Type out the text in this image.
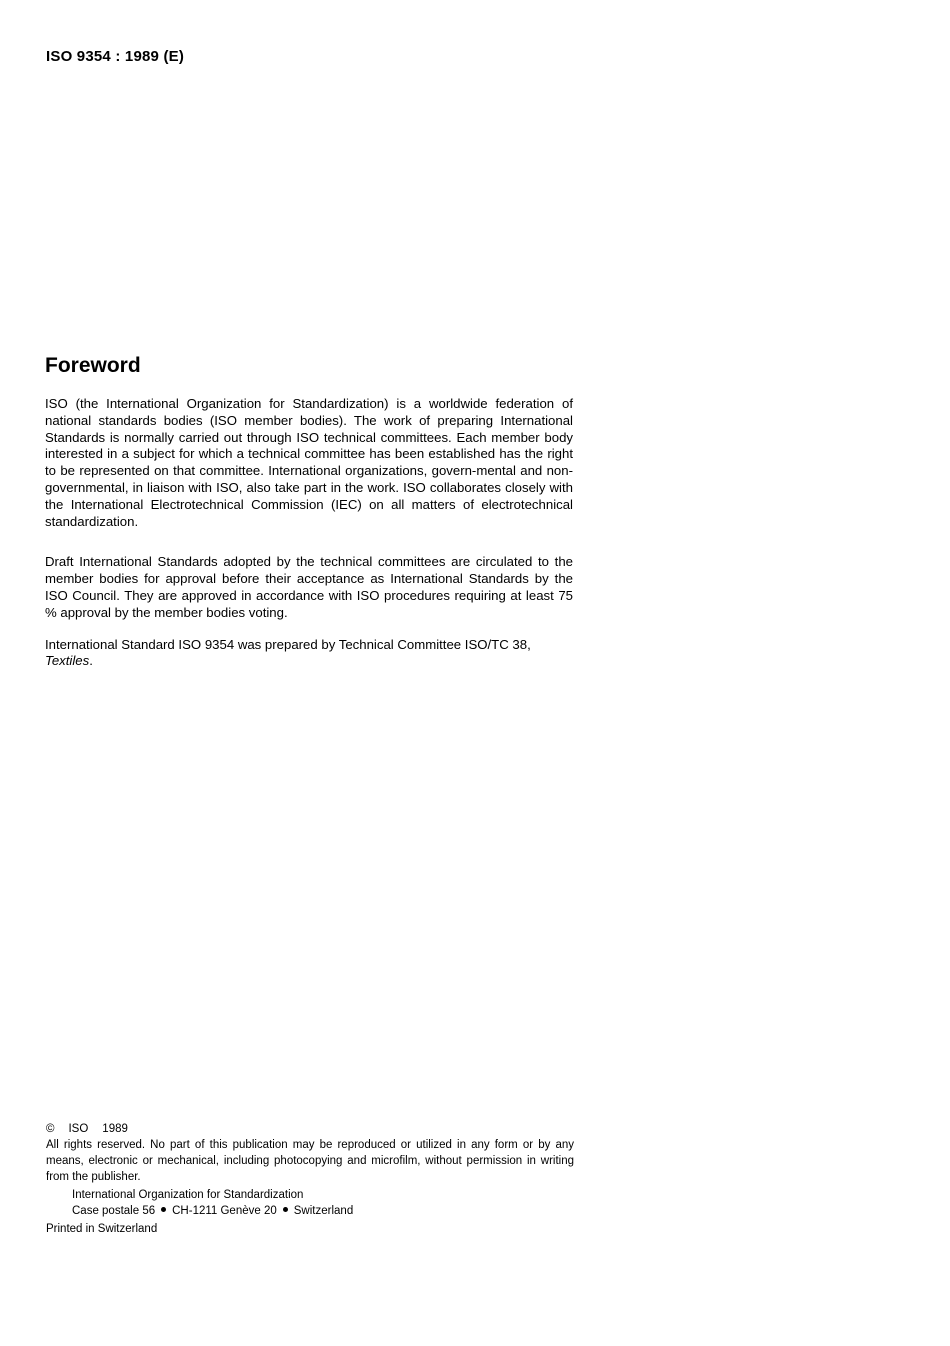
ISO 9354 : 1989 (E)
Foreword

ISO (the International Organization for Standardization) is a worldwide federation of national standards bodies (ISO member bodies). The work of preparing International Standards is normally carried out through ISO technical committees. Each member body interested in a subject for which a technical committee has been established has the right to be represented on that committee. International organizations, govern-mental and non-governmental, in liaison with ISO, also take part in the work. ISO collaborates closely with the International Electrotechnical Commission (IEC) on all matters of electrotechnical standardization.

Draft International Standards adopted by the technical committees are circulated to the member bodies for approval before their acceptance as International Standards by the ISO Council. They are approved in accordance with ISO procedures requiring at least 75 % approval by the member bodies voting.

International Standard ISO 9354 was prepared by Technical Committee ISO/TC 38,
Textiles.

© ISO 1989
All rights reserved. No part of this publication may be reproduced or utilized in any form or by any means, electronic or mechanical, including photocopying and microfilm, without permission in writing from the publisher.
International Organization for Standardization
Case postale 56 CH-1211 Genève 20 Switzerland
Printed in Switzerland
